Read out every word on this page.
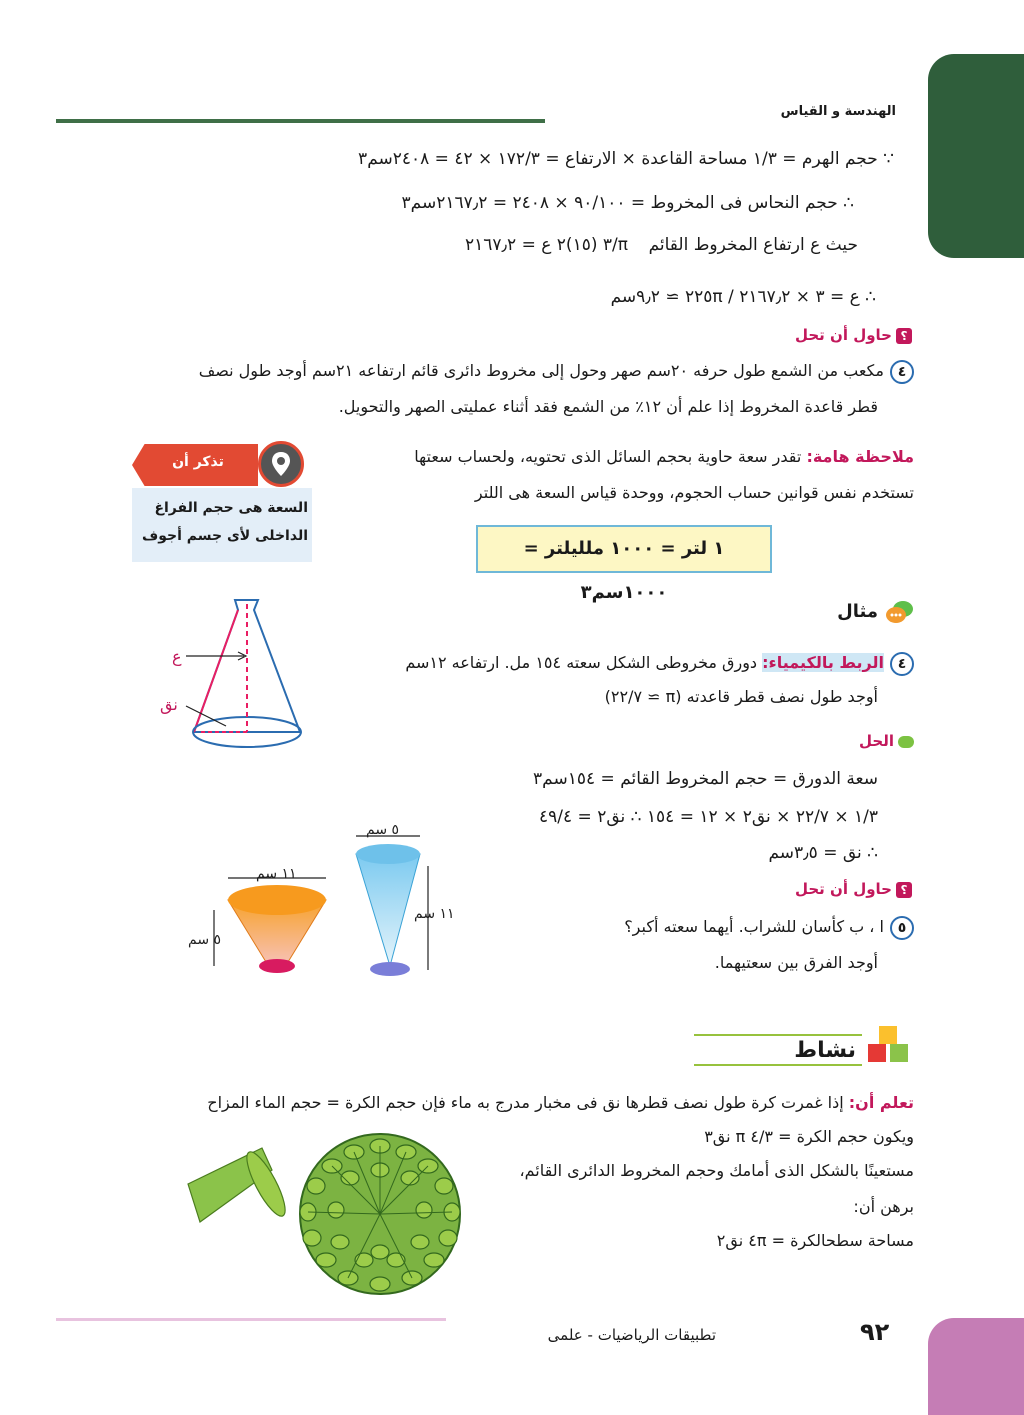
الهندسة و القياس
∵ حجم الهرم = ١/٣ مساحة القاعدة × الارتفاع = ١٧٢/٣ × ٤٢ = ٢٤٠٨سم٣
∴ حجم النحاس فى المخروط = ٩٠/١٠٠ × ٢٤٠٨ = ٢١٦٧٫٢سم٣
حيث ع ارتفاع المخروط القائم
π/٣ (١٥)٢ ع = ٢١٦٧٫٢
∴ ع = ٣ × ٢١٦٧٫٢ / ٢٢٥π ≃ ٩٫٢سم
؟حاول أن تحل
٤مكعب من الشمع طول حرفه ٢٠سم صهر وحول إلى مخروط دائرى قائم ارتفاعه ٢١سم أوجد طول نصف
قطر قاعدة المخروط إذا علم أن ١٢٪ من الشمع فقد أثناء عمليتى الصهر والتحويل.
ملاحظة هامة: تقدر سعة حاوية بحجم السائل الذى تحتويه، ولحساب سعتها
تستخدم نفس قوانين حساب الحجوم، ووحدة قياس السعة هى اللتر
١ لتر = ١٠٠٠ ملليلتر = ١٠٠٠سم٣
تذكر أن
السعة هى حجم الفراغ
الداخلى لأى جسم أجوف
مثال
٤الربط بالكيمياء: دورق مخروطى الشكل سعته ١٥٤ مل. ارتفاعه ١٢سم
أوجد طول نصف قطر قاعدته (π ≃ ٢٢/٧)
ع
نق
الحل
سعة الدورق = حجم المخروط القائم = ١٥٤سم٣
١/٣ × ٢٢/٧ × نق٢ × ١٢ = ١٥٤ ∴ نق٢ = ٤٩/٤
∴ نق = ٣٫٥سم
؟حاول أن تحل
٥ا ، ب كأسان للشراب. أيهما سعته أكبر؟
أوجد الفرق بين سعتيهما.
١١ سم
٥ سم
٥ سم
١١ سم
نشاط
تعلم أن: إذا غمرت كرة طول نصف قطرها نق فى مخبار مدرج به ماء فإن حجم الكرة = حجم الماء المزاح
ويكون حجم الكرة = ٤/٣ π نق٣
مستعينًا بالشكل الذى أمامك وحجم المخروط الدائرى القائم،
برهن أن:
مساحة سطحالكرة = ٤π نق٢
٩٢
تطبيقات الرياضيات - علمى
